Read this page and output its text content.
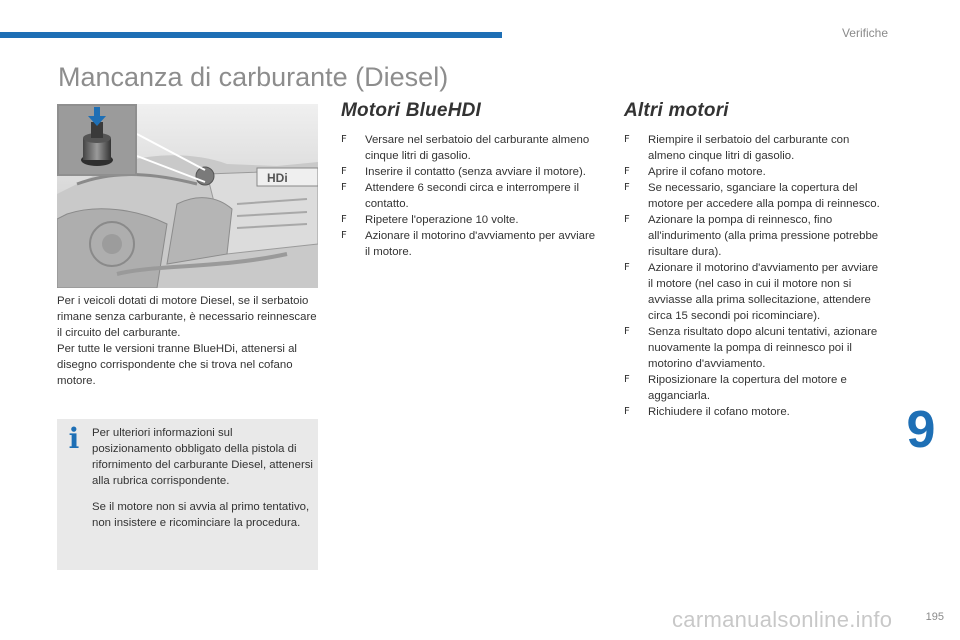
Verifiche
Mancanza di carburante (Diesel)
HDi

Per i veicoli dotati di motore Diesel, se il serbatoio rimane senza carburante, è necessario reinnescare il circuito del carburante.

Per tutte le versioni tranne BlueHDi, attenersi al disegno corrispondente che si trova nel cofano motore.

i Per ulteriori informazioni sul posizionamento obbligato della pistola di rifornimento del carburante Diesel, attenersi alla rubrica corrispondente.

Se il motore non si avvia al primo tentativo, non insistere e ricominciare la procedura.

Motori BlueHDI
F	Versare nel serbatoio del carburante almeno cinque litri di gasolio.
F	Inserire il contatto (senza avviare il motore).
F	Attendere 6 secondi circa e interrompere il contatto.
F	Ripetere l'operazione 10 volte.
F	Azionare il motorino d'avviamento per avviare il motore.
Altri motori
F	Riempire il serbatoio del carburante con almeno cinque litri di gasolio.
F	Aprire il cofano motore.
F	Se necessario, sganciare la copertura del motore per accedere alla pompa di reinnesco.
F	Azionare la pompa di reinnesco, fino all'indurimento (alla prima pressione potrebbe risultare dura).
F	Azionare il motorino d'avviamento per avviare il motore (nel caso in cui il motore non si avviasse alla prima sollecitazione, attendere circa 15 secondi poi ricominciare).
F	Senza risultato dopo alcuni tentativi, azionare nuovamente la pompa di reinnesco poi il motorino d'avviamento.
F	Riposizionare la copertura del motore e agganciarla.
F	Richiudere il cofano motore.	9
195
carmanualsonline.info
